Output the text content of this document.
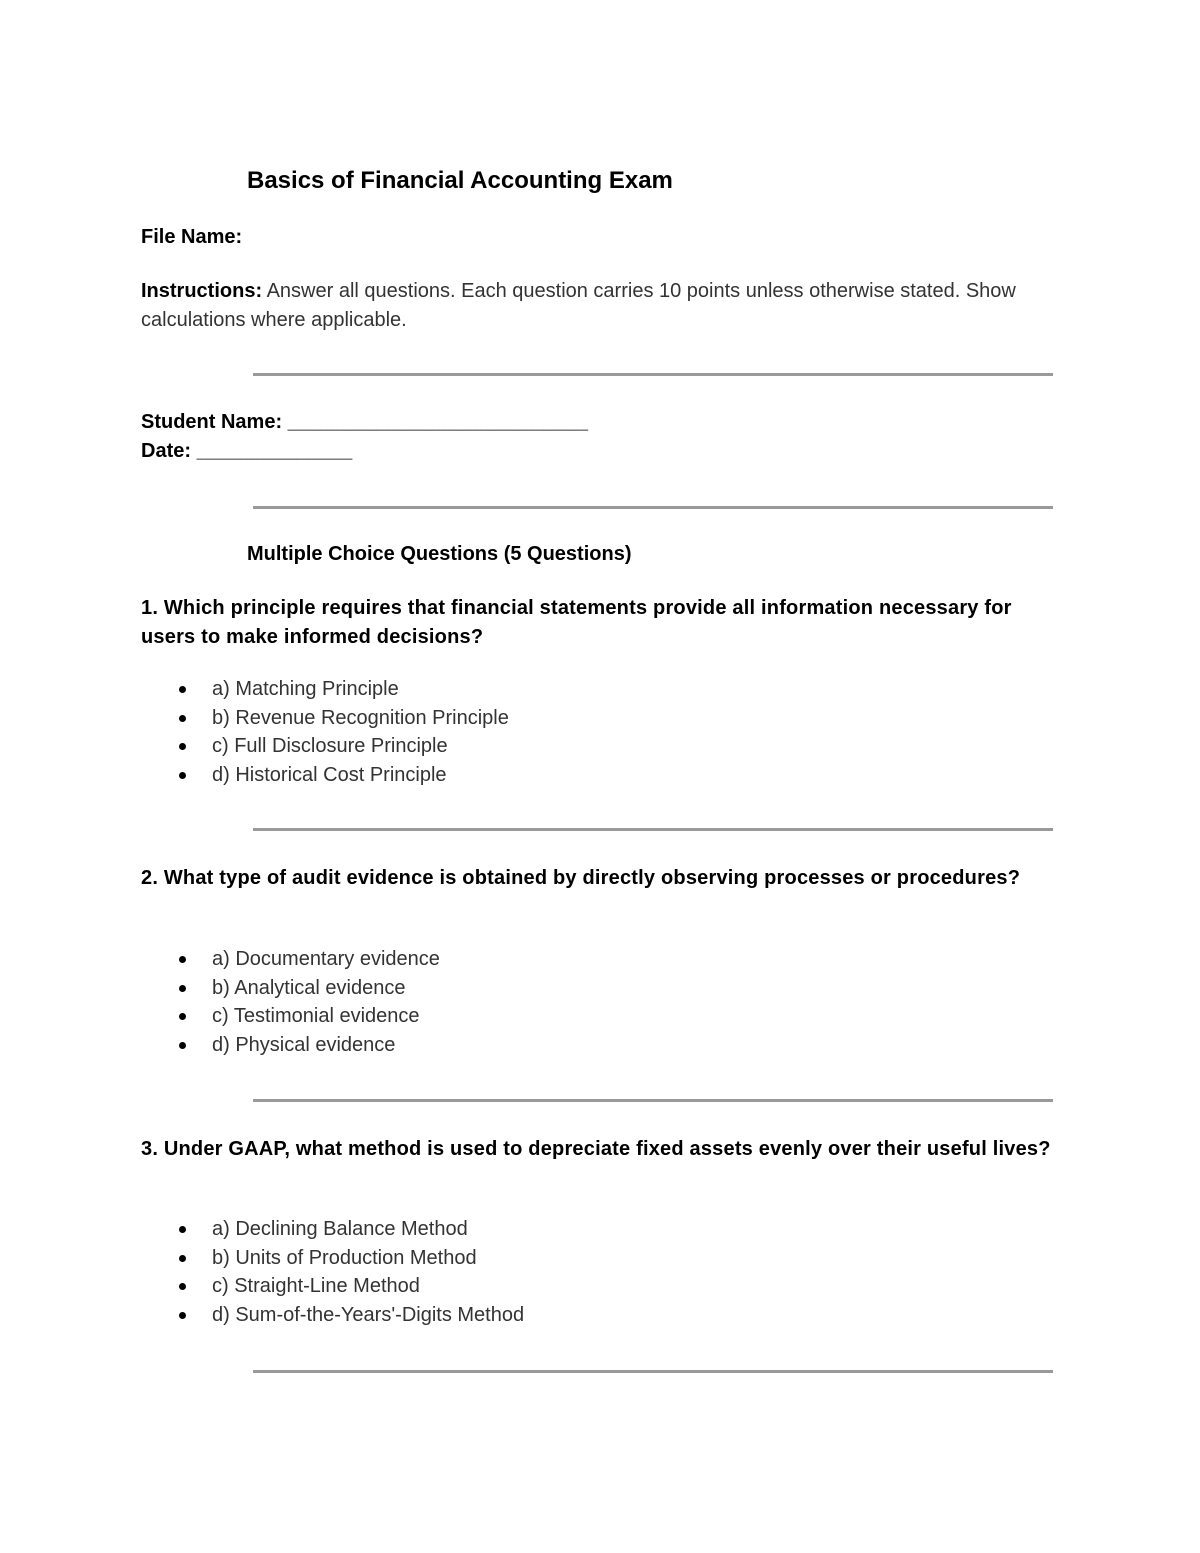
Basics of Financial Accounting Exam
File Name:
Instructions: Answer all questions. Each question carries 10 points unless otherwise stated. Show calculations where applicable.
Student Name: ___________________________
Date: ______________
Multiple Choice Questions (5 Questions)
1. Which principle requires that financial statements provide all information necessary for users to make informed decisions?
a) Matching Principle
b) Revenue Recognition Principle
c) Full Disclosure Principle
d) Historical Cost Principle
2. What type of audit evidence is obtained by directly observing processes or procedures?
a) Documentary evidence
b) Analytical evidence
c) Testimonial evidence
d) Physical evidence
3. Under GAAP, what method is used to depreciate fixed assets evenly over their useful lives?
a) Declining Balance Method
b) Units of Production Method
c) Straight-Line Method
d) Sum-of-the-Years'-Digits Method
